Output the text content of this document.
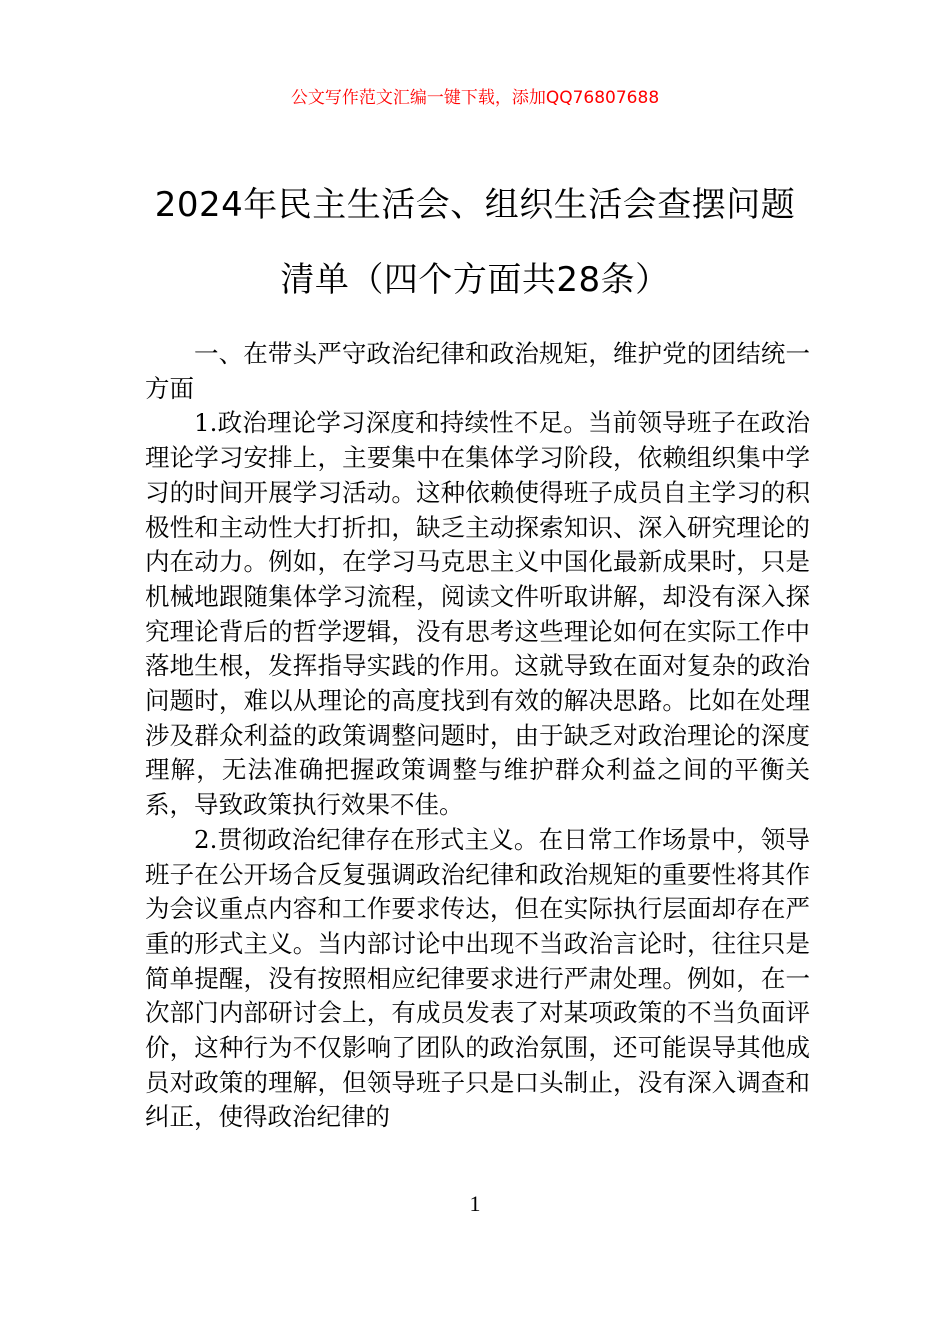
公文写作范文汇编一键下载，添加QQ76807688
2024年民主生活会、组织生活会查摆问题
清单（四个方面共28条）

一、在带头严守政治纪律和政治规矩，维护党的团结统一方面

1.政治理论学习深度和持续性不足。当前领导班子在政治理论学习安排上，主要集中在集体学习阶段，依赖组织集中学习的时间开展学习活动。这种依赖使得班子成员自主学习的积极性和主动性大打折扣，缺乏主动探索知识、深入研究理论的内在动力。例如，在学习马克思主义中国化最新成果时，只是机械地跟随集体学习流程，阅读文件听取讲解，却没有深入探究理论背后的哲学逻辑，没有思考这些理论如何在实际工作中落地生根，发挥指导实践的作用。这就导致在面对复杂的政治问题时，难以从理论的高度找到有效的解决思路。比如在处理涉及群众利益的政策调整问题时，由于缺乏对政治理论的深度理解，无法准确把握政策调整与维护群众利益之间的平衡关系，导致政策执行效果不佳。

2.贯彻政治纪律存在形式主义。在日常工作场景中，领导班子在公开场合反复强调政治纪律和政治规矩的重要性将其作为会议重点内容和工作要求传达，但在实际执行层面却存在严重的形式主义。当内部讨论中出现不当政治言论时，往往只是简单提醒，没有按照相应纪律要求进行严肃处理。例如，在一次部门内部研讨会上，有成员发表了对某项政策的不当负面评价，这种行为不仅影响了团队的政治氛围，还可能误导其他成员对政策的理解，但领导班子只是口头制止，没有深入调查和纠正，使得政治纪律的

1
